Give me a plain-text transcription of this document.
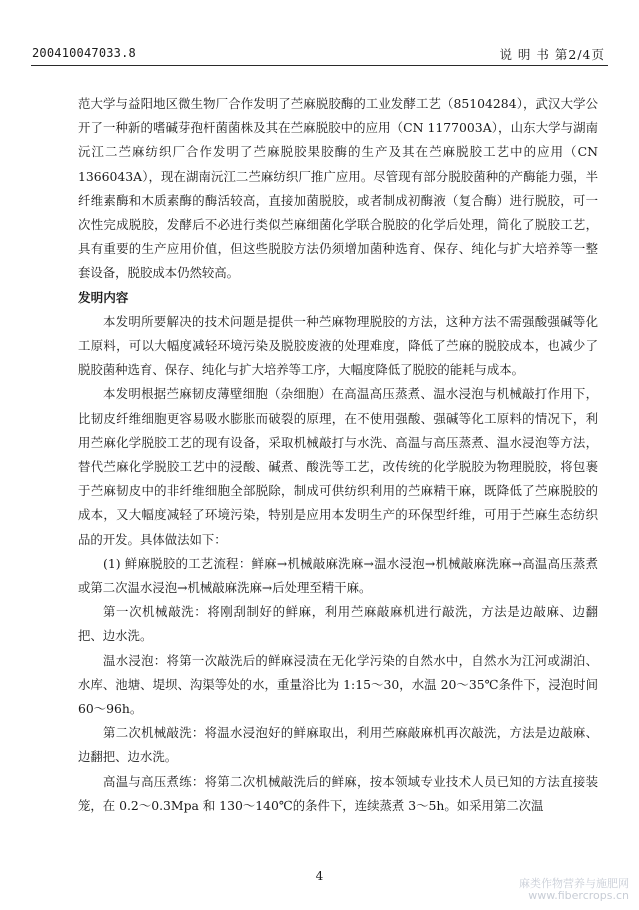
200410047033.8	说 明 书 第2/4页

范大学与益阳地区微生物厂合作发明了苎麻脱胶酶的工业发酵工艺（85104284），武汉大学公开了一种新的嗜碱芽孢杆菌菌株及其在苎麻脱胶中的应用（CN 1177003A），山东大学与湖南沅江二苎麻纺织厂合作发明了苎麻脱胶果胶酶的生产及其在苎麻脱胶工艺中的应用（CN 1366043A），现在湖南沅江二苎麻纺织厂推广应用。尽管现有部分脱胶菌种的产酶能力强，半纤维素酶和木质素酶的酶活较高，直接加菌脱胶，或者制成初酶液（复合酶）进行脱胶，可一次性完成脱胶，发酵后不必进行类似苎麻细菌化学联合脱胶的化学后处理，简化了脱胶工艺，具有重要的生产应用价值，但这些脱胶方法仍须增加菌种选育、保存、纯化与扩大培养等一整套设备，脱胶成本仍然较高。

发明内容

本发明所要解决的技术问题是提供一种苎麻物理脱胶的方法，这种方法不需强酸强碱等化工原料，可以大幅度减轻环境污染及脱胶废液的处理难度，降低了苎麻的脱胶成本，也减少了脱胶菌种选育、保存、纯化与扩大培养等工序，大幅度降低了脱胶的能耗与成本。

本发明根据苎麻韧皮薄壁细胞（杂细胞）在高温高压蒸煮、温水浸泡与机械敲打作用下，比韧皮纤维细胞更容易吸水膨胀而破裂的原理，在不使用强酸、强碱等化工原料的情况下，利用苎麻化学脱胶工艺的现有设备，采取机械敲打与水洗、高温与高压蒸煮、温水浸泡等方法，替代苎麻化学脱胶工艺中的浸酸、碱煮、酸洗等工艺，改传统的化学脱胶为物理脱胶，将包裹于苎麻韧皮中的非纤维细胞全部脱除，制成可供纺织利用的苎麻精干麻，既降低了苎麻脱胶的成本，又大幅度减轻了环境污染，特别是应用本发明生产的环保型纤维，可用于苎麻生态纺织品的开发。具体做法如下：

(1) 鲜麻脱胶的工艺流程：鲜麻→机械敲麻洗麻→温水浸泡→机械敲麻洗麻→高温高压蒸煮或第二次温水浸泡→机械敲麻洗麻→后处理至精干麻。

第一次机械敲洗：将刚刮制好的鲜麻，利用苎麻敲麻机进行敲洗，方法是边敲麻、边翻把、边水洗。

温水浸泡：将第一次敲洗后的鲜麻浸渍在无化学污染的自然水中，自然水为江河或湖泊、水库、池塘、堤坝、沟渠等处的水，重量浴比为 1:15～30，水温 20～35℃条件下，浸泡时间 60～96h。

第二次机械敲洗：将温水浸泡好的鲜麻取出，利用苎麻敲麻机再次敲洗，方法是边敲麻、边翻把、边水洗。

高温与高压煮练：将第二次机械敲洗后的鲜麻，按本领域专业技术人员已知的方法直接装笼，在 0.2～0.3Mpa 和 130～140℃的条件下，连续蒸煮 3～5h。如采用第二次温

4
麻类作物营养与施肥网
www.fibercrops.cn
